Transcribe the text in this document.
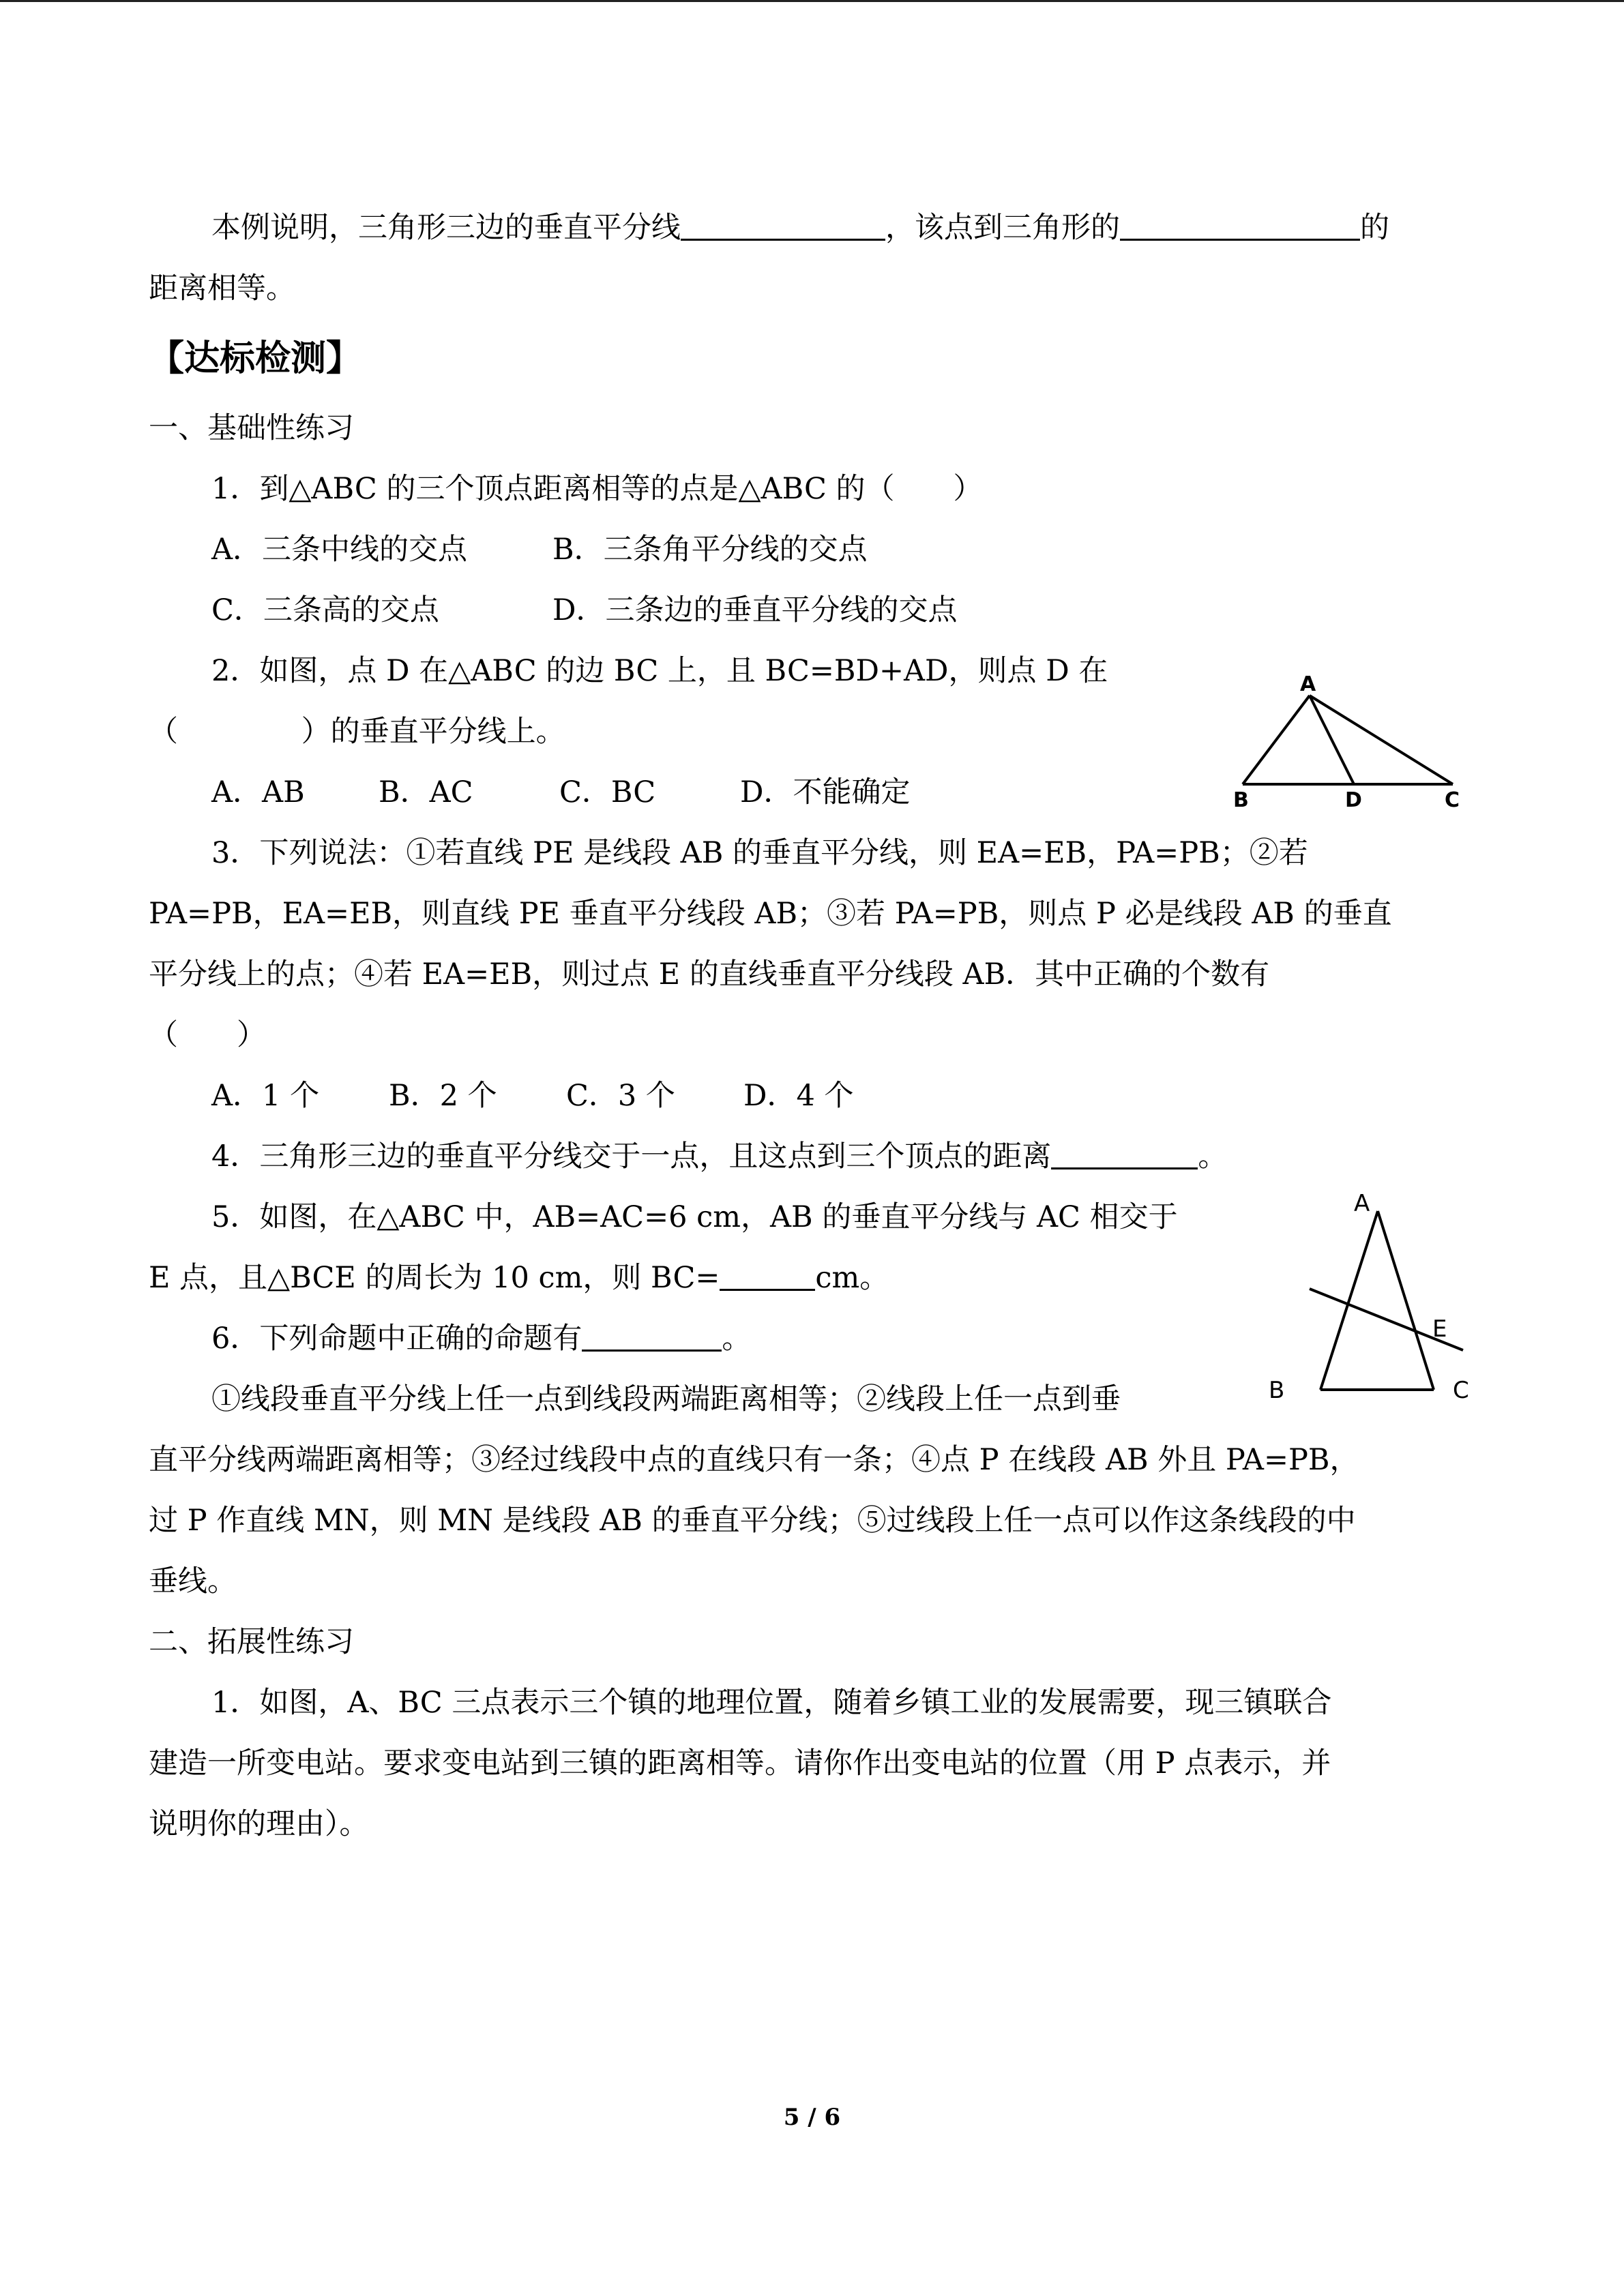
本例说明，三角形三边的垂直平分线	，该点到三角形的	的
距离相等。
【达标检测】
一、基础性练习
1．到△ABC 的三个顶点距离相等的点是△ABC 的（　　）
A．三条中线的交点	B．三条角平分线的交点
C．三条高的交点	D．三条边的垂直平分线的交点
2．如图，点 D 在△ABC 的边 BC 上，且 BC=BD+AD，则点 D 在
（	）的垂直平分线上。
A．AB	B．AC	C．BC	D．不能确定
3．下列说法：①若直线 PE 是线段 AB 的垂直平分线，则 EA=EB，PA=PB；②若
PA=PB，EA=EB，则直线 PE 垂直平分线段 AB；③若 PA=PB，则点 P 必是线段 AB 的垂直
平分线上的点；④若 EA=EB，则过点 E 的直线垂直平分线段 AB．其中正确的个数有
（　　）
A．1 个 B．2 个 C．3 个 D．4 个
4．三角形三边的垂直平分线交于一点，且这点到三个顶点的距离	。
5．如图，在△ABC 中，AB=AC=6 cm，AB 的垂直平分线与 AC 相交于
E 点，且△BCE 的周长为 10 cm，则 BC=	cm。
6．下列命题中正确的命题有	。
①线段垂直平分线上任一点到线段两端距离相等；②线段上任一点到垂
直平分线两端距离相等；③经过线段中点的直线只有一条；④点 P 在线段 AB 外且 PA=PB，
过 P 作直线 MN，则 MN 是线段 AB 的垂直平分线；⑤过线段上任一点可以作这条线段的中
垂线。
二、拓展性练习
1．如图，A、BC 三点表示三个镇的地理位置，随着乡镇工业的发展需要，现三镇联合
建造一所变电站。要求变电站到三镇的距离相等。请你作出变电站的位置（用 P 点表示，并
说明你的理由）。
A
B	D	C
A
E
B	C
5 / 6
